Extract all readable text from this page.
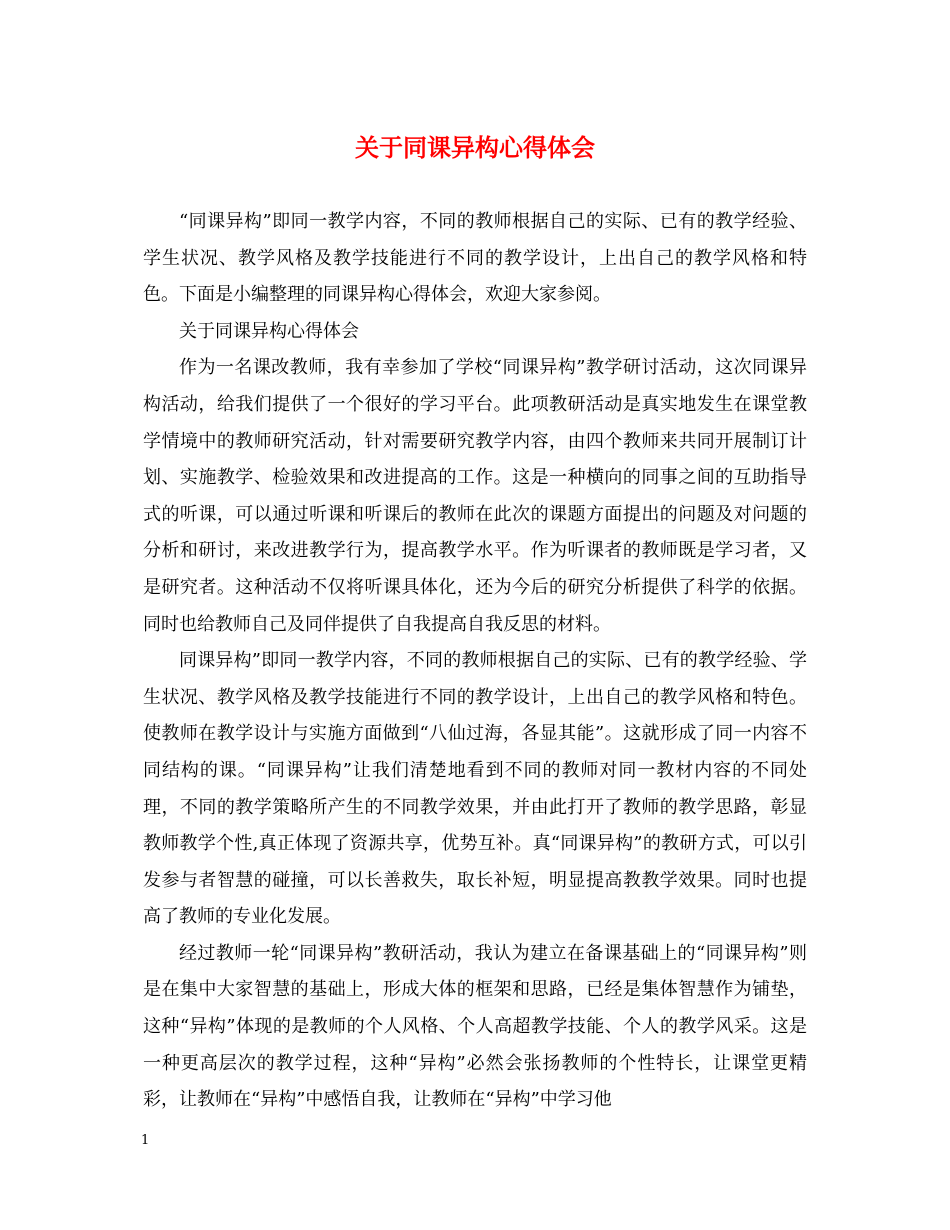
关于同课异构心得体会

“同课异构”即同一教学内容，不同的教师根据自己的实际、已有的教学经验、学生状况、教学风格及教学技能进行不同的教学设计，上出自己的教学风格和特色。下面是小编整理的同课异构心得体会，欢迎大家参阅。

关于同课异构心得体会

作为一名课改教师，我有幸参加了学校“同课异构”教学研讨活动，这次同课异构活动，给我们提供了一个很好的学习平台。此项教研活动是真实地发生在课堂教学情境中的教师研究活动，针对需要研究教学内容，由四个教师来共同开展制订计划、实施教学、检验效果和改进提高的工作。这是一种横向的同事之间的互助指导式的听课，可以通过听课和听课后的教师在此次的课题方面提出的问题及对问题的分析和研讨，来改进教学行为，提高教学水平。作为听课者的教师既是学习者，又是研究者。这种活动不仅将听课具体化，还为今后的研究分析提供了科学的依据。同时也给教师自己及同伴提供了自我提高自我反思的材料。

同课异构”即同一教学内容，不同的教师根据自己的实际、已有的教学经验、学生状况、教学风格及教学技能进行不同的教学设计，上出自己的教学风格和特色。使教师在教学设计与实施方面做到“八仙过海，各显其能”。这就形成了同一内容不同结构的课。“同课异构”让我们清楚地看到不同的教师对同一教材内容的不同处理，不同的教学策略所产生的不同教学效果，并由此打开了教师的教学思路，彰显教师教学个性,真正体现了资源共享，优势互补。真“同课异构”的教研方式，可以引发参与者智慧的碰撞，可以长善救失，取长补短，明显提高教教学效果。同时也提高了教师的专业化发展。

经过教师一轮“同课异构”教研活动，我认为建立在备课基础上的“同课异构”则是在集中大家智慧的基础上，形成大体的框架和思路，已经是集体智慧作为铺垫，这种“异构”体现的是教师的个人风格、个人高超教学技能、个人的教学风采。这是一种更高层次的教学过程，这种“异构”必然会张扬教师的个性特长，让课堂更精彩，让教师在“异构”中感悟自我，让教师在“异构”中学习他

1
